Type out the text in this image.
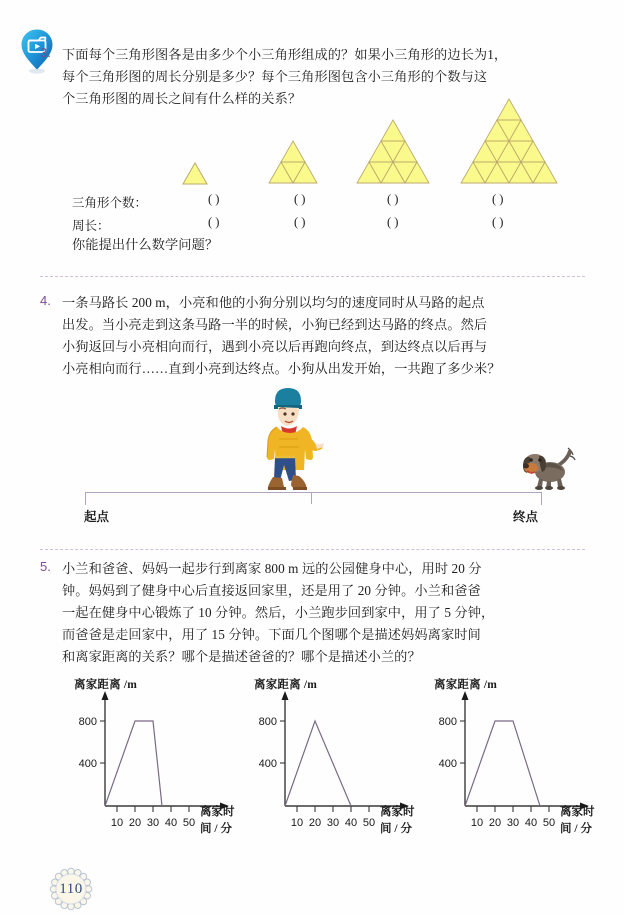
3. 下面每个三角形图各是由多少个小三角形组成的？如果小三角形的边长为1，
每个三角形图的周长分别是多少？每个三角形图包含小三角形的个数与这
个三角形图的周长之间有什么样的关系？
三角形个数：	( )	( )	( )	( )
周长：	( )	( )	( )	( )
你能提出什么数学问题？
4. 一条马路长 200 m，小亮和他的小狗分别以均匀的速度同时从马路的起点
出发。当小亮走到这条马路一半的时候，小狗已经到达马路的终点。然后
小狗返回与小亮相向而行，遇到小亮以后再跑向终点，到达终点以后再与
小亮相向而行……直到小亮到达终点。小狗从出发开始，一共跑了多少米？
起点	终点
5. 小兰和爸爸、妈妈一起步行到离家 800 m 远的公园健身中心，用时 20 分
钟。妈妈到了健身中心后直接返回家里，还是用了 20 分钟。小兰和爸爸
一起在健身中心锻炼了 10 分钟。然后，小兰跑步回到家中，用了 5 分钟，
而爸爸是走回家中，用了 15 分钟。下面几个图哪个是描述妈妈离家时间
和离家距离的关系？哪个是描述爸爸的？哪个是描述小兰的？
离家距离 /m
800
400
10 20 30 40 50
离家时
间 / 分
离家距离 /m
800
400
10 20 30 40 50
离家时
间 / 分
离家距离 /m
800
400
10 20 30 40 50
离家时
间 / 分
110
